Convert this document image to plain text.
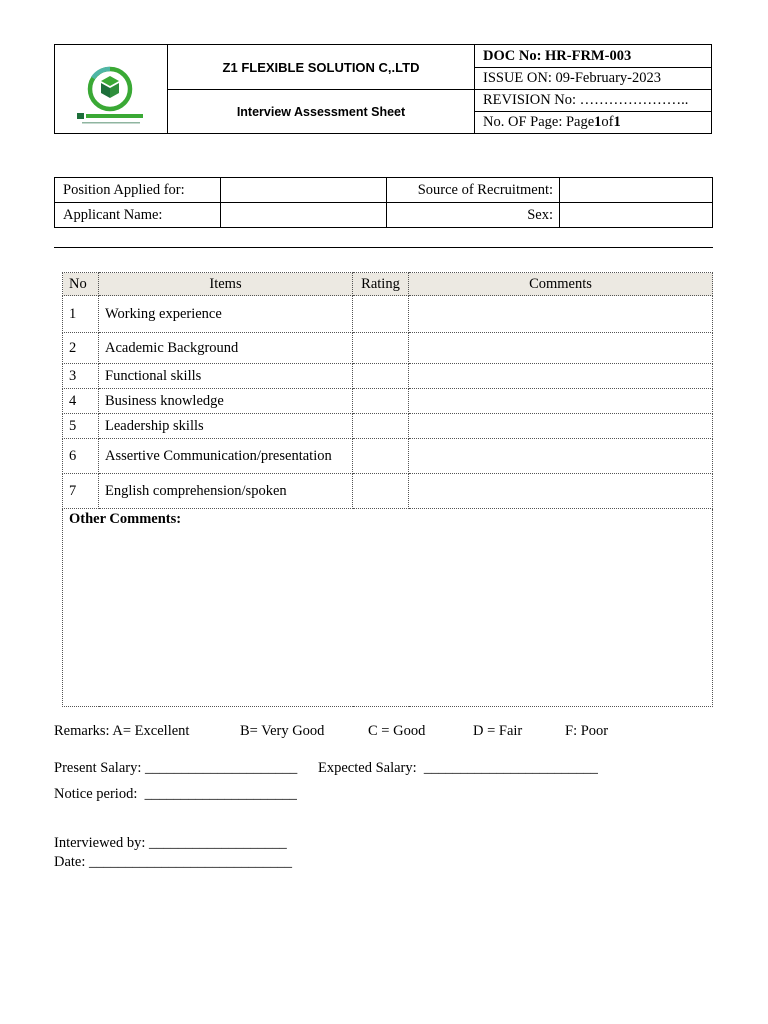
Z1 FLEXIBLE SOLUTION C,.LTD
Interview Assessment Sheet
DOC No: HR-FRM-003
ISSUE ON: 09-February-2023
REVISION No: …………………..
No. OF Page: Page 1 of 1
Position Applied for:		Source of Recruitment:	
Applicant Name:		Sex:	
No	Items	Rating	Comments
1	Working experience		
2	Academic Background		
3	Functional skills		
4	Business knowledge		
5	Leadership skills		
6	Assertive Communication/presentation		
7	English comprehension/spoken		
Other Comments:			
Remarks: A= Excellent	B= Very Good	C = Good	D = Fair	F: Poor
Present Salary: _____________________ Expected Salary:  ________________________
Notice period:  _____________________
Interviewed by: ___________________
Date: ____________________________
